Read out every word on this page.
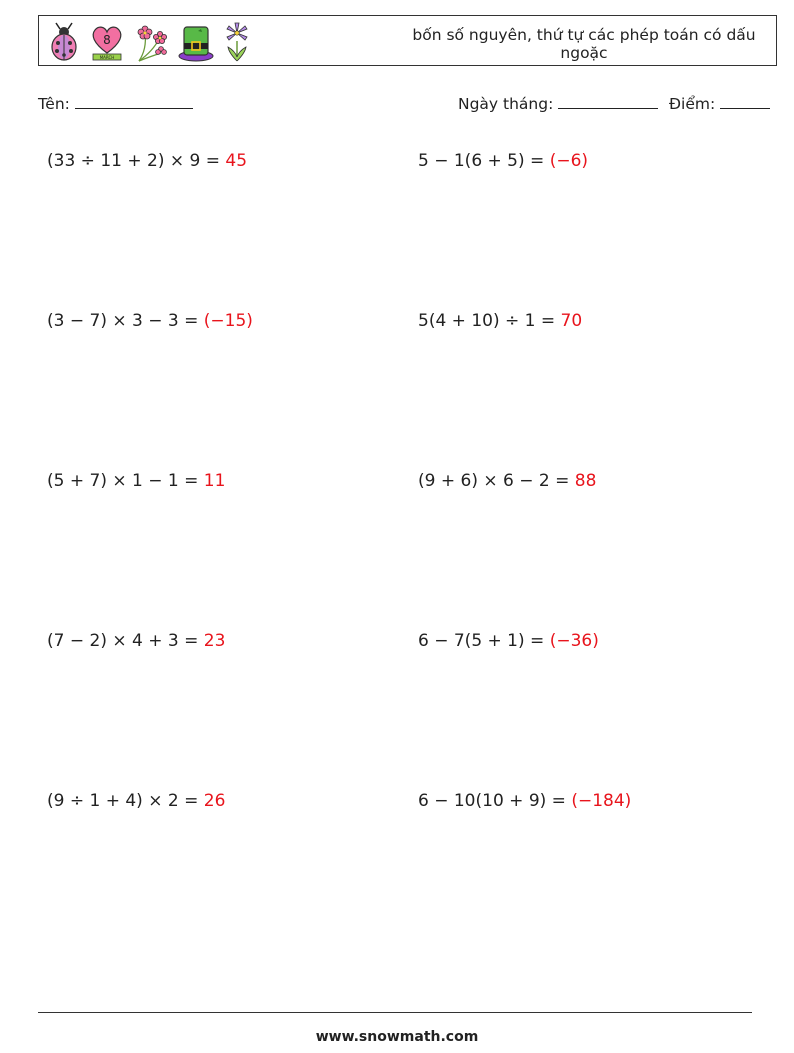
8
MARCH
bốn số nguyên, thứ tự các phép toán có dấu ngoặc
Tên:	Ngày tháng:	Điểm:
(33 ÷ 11 + 2) × 9 = 45	5 − 1(6 + 5) = (−6)
(3 − 7) × 3 − 3 = (−15)	5(4 + 10) ÷ 1 = 70
(5 + 7) × 1 − 1 = 11	(9 + 6) × 6 − 2 = 88
(7 − 2) × 4 + 3 = 23	6 − 7(5 + 1) = (−36)
(9 ÷ 1 + 4) × 2 = 26	6 − 10(10 + 9) = (−184)
www.snowmath.com
